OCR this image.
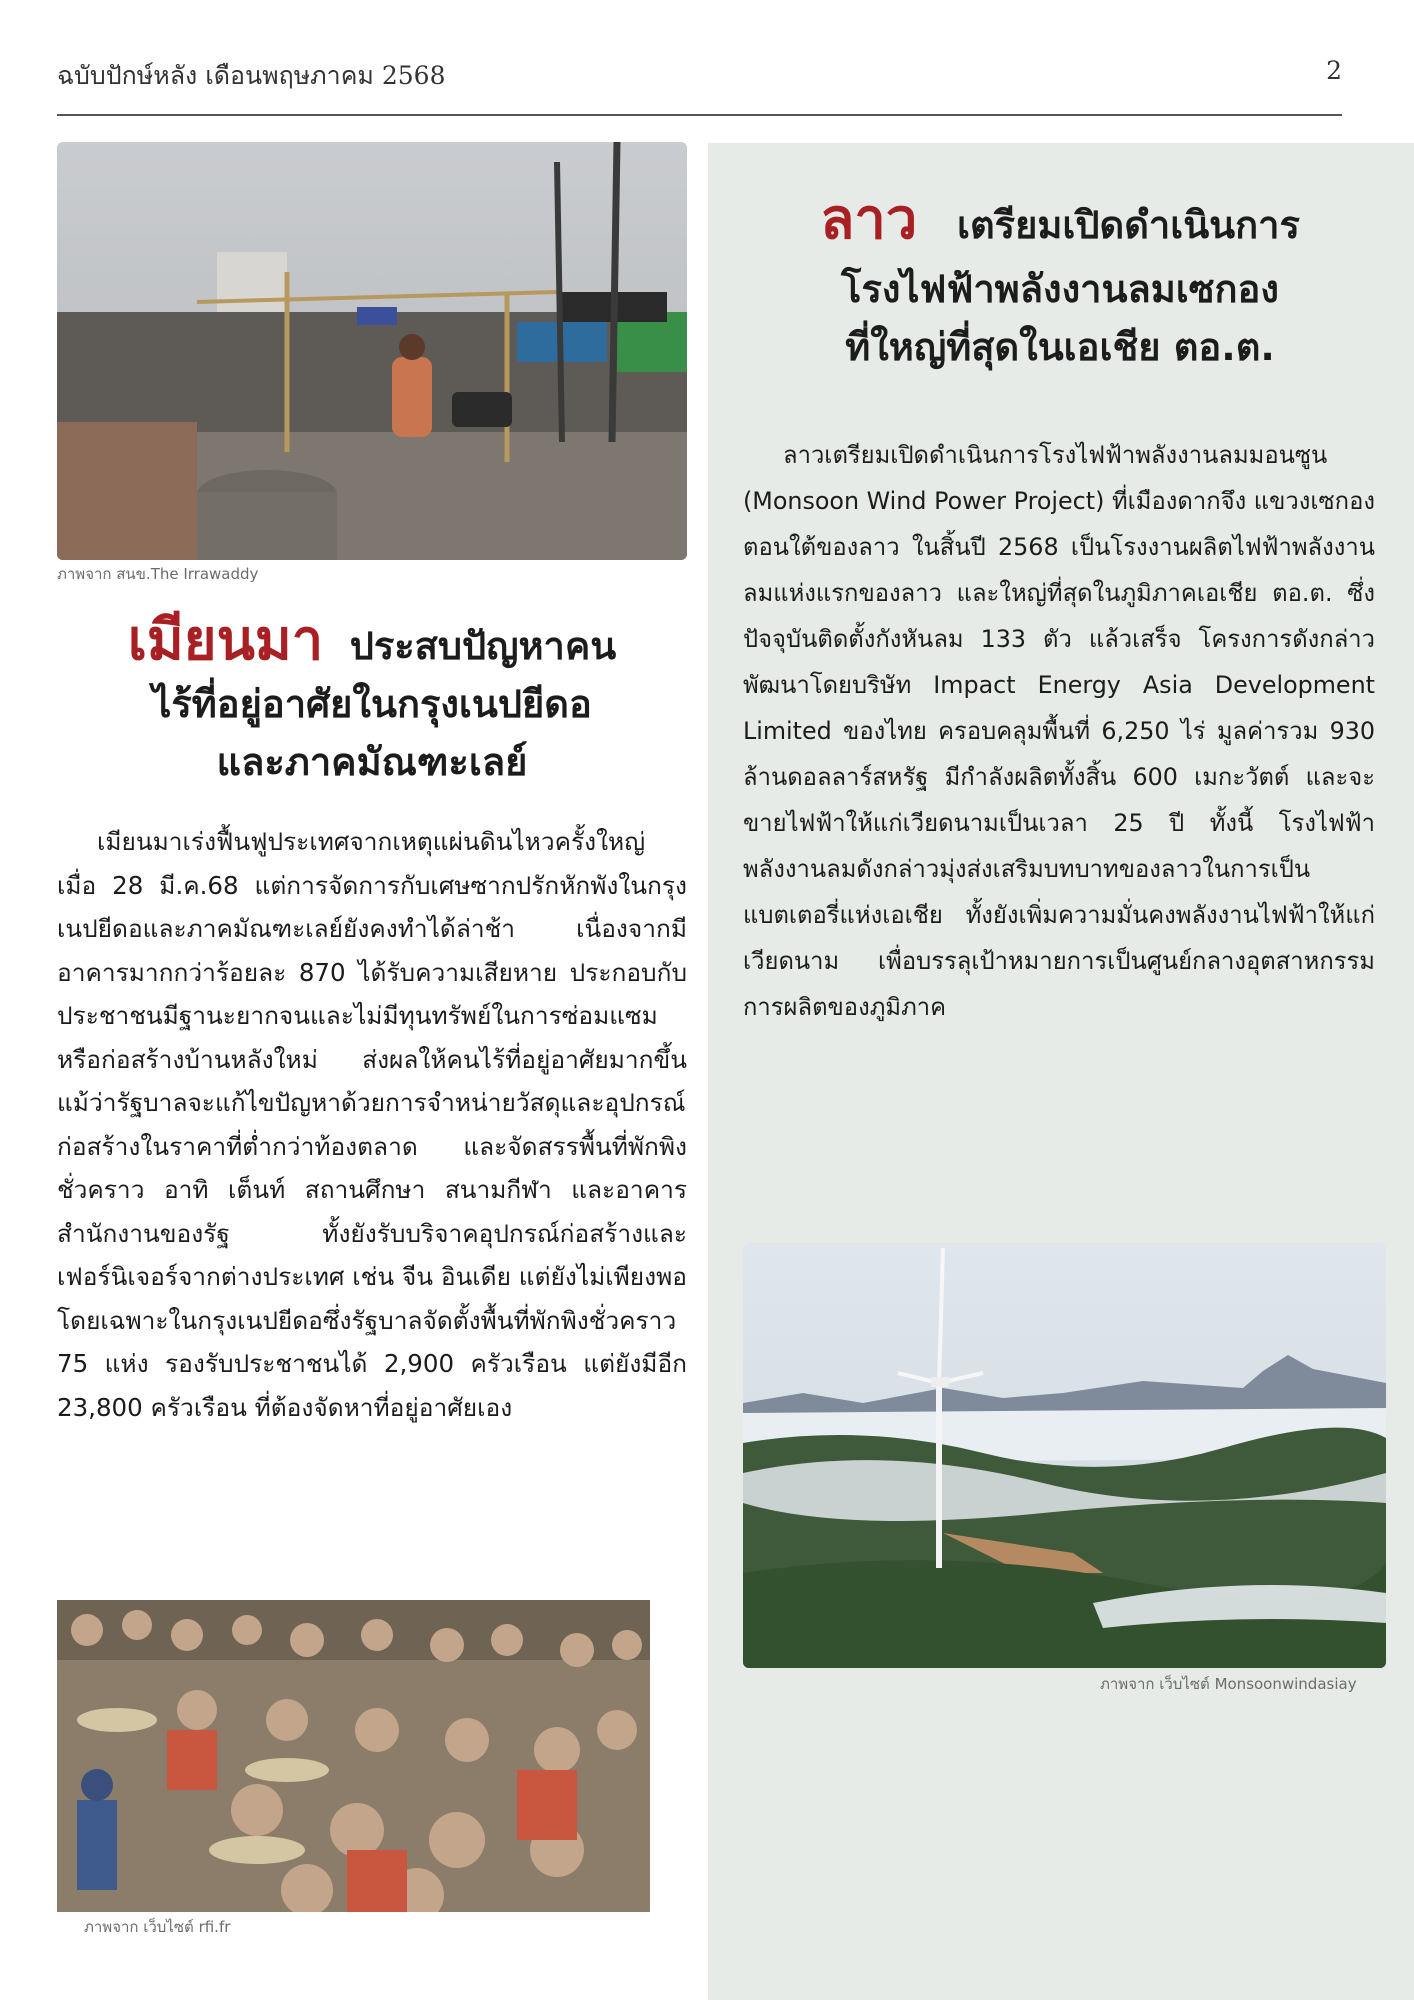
ฉบับปักษ์หลัง เดือนพฤษภาคม 2568	2
ภาพจาก สนข.The Irrawaddy
เมียนมา ประสบปัญหาคน
ไร้ที่อยู่อาศัยในกรุงเนปยีดอ
และภาคมัณฑะเลย์

เมียนมาเร่งฟื้นฟูประเทศจากเหตุแผ่นดินไหวครั้งใหญ่ เมื่อ 28 มี.ค.68 แต่การจัดการกับเศษซากปรักหักพังในกรุงเนปยีดอและภาคมัณฑะเลย์ยังคงทำได้ล่าช้า เนื่องจากมีอาคารมากกว่าร้อยละ 870 ได้รับความเสียหาย ประกอบกับประชาชนมีฐานะยากจนและไม่มีทุนทรัพย์ในการซ่อมแซมหรือก่อสร้างบ้านหลังใหม่ ส่งผลให้คนไร้ที่อยู่อาศัยมากขึ้น แม้ว่ารัฐบาลจะแก้ไขปัญหาด้วยการจำหน่ายวัสดุและอุปกรณ์ก่อสร้างในราคาที่ต่ำกว่าท้องตลาด และจัดสรรพื้นที่พักพิงชั่วคราว อาทิ เต็นท์ สถานศึกษา สนามกีฬา และอาคารสำนักงานของรัฐ ทั้งยังรับบริจาคอุปกรณ์ก่อสร้างและเฟอร์นิเจอร์จากต่างประเทศ เช่น จีน อินเดีย แต่ยังไม่เพียงพอ โดยเฉพาะในกรุงเนปยีดอซึ่งรัฐบาลจัดตั้งพื้นที่พักพิงชั่วคราว 75 แห่ง รองรับประชาชนได้ 2,900 ครัวเรือน แต่ยังมีอีก 23,800 ครัวเรือน ที่ต้องจัดหาที่อยู่อาศัยเอง

ภาพจาก เว็บไซต์ rfi.fr
ลาว เตรียมเปิดดำเนินการ
โรงไฟฟ้าพลังงานลมเซกอง
ที่ใหญ่ที่สุดในเอเชีย ตอ.ต.

ลาวเตรียมเปิดดำเนินการโรงไฟฟ้าพลังงานลมมอนซูน (Monsoon Wind Power Project) ที่เมืองดากจึง แขวงเซกอง ตอนใต้ของลาว ในสิ้นปี 2568 เป็นโรงงานผลิตไฟฟ้าพลังงานลมแห่งแรกของลาว และใหญ่ที่สุดในภูมิภาคเอเชีย ตอ.ต. ซึ่งปัจจุบันติดตั้งกังหันลม 133 ตัว แล้วเสร็จ โครงการดังกล่าวพัฒนาโดยบริษัท Impact Energy Asia Development Limited ของไทย ครอบคลุมพื้นที่ 6,250 ไร่ มูลค่ารวม 930 ล้านดอลลาร์สหรัฐ มีกำลังผลิตทั้งสิ้น 600 เมกะวัตต์ และจะขายไฟฟ้าให้แก่เวียดนามเป็นเวลา 25 ปี ทั้งนี้ โรงไฟฟ้าพลังงานลมดังกล่าวมุ่งส่งเสริมบทบาทของลาวในการเป็นแบตเตอรี่แห่งเอเชีย ทั้งยังเพิ่มความมั่นคงพลังงานไฟฟ้าให้แก่เวียดนาม เพื่อบรรลุเป้าหมายการเป็นศูนย์กลางอุตสาหกรรมการผลิตของภูมิภาค

ภาพจาก เว็บไซต์ Monsoonwindasiay
